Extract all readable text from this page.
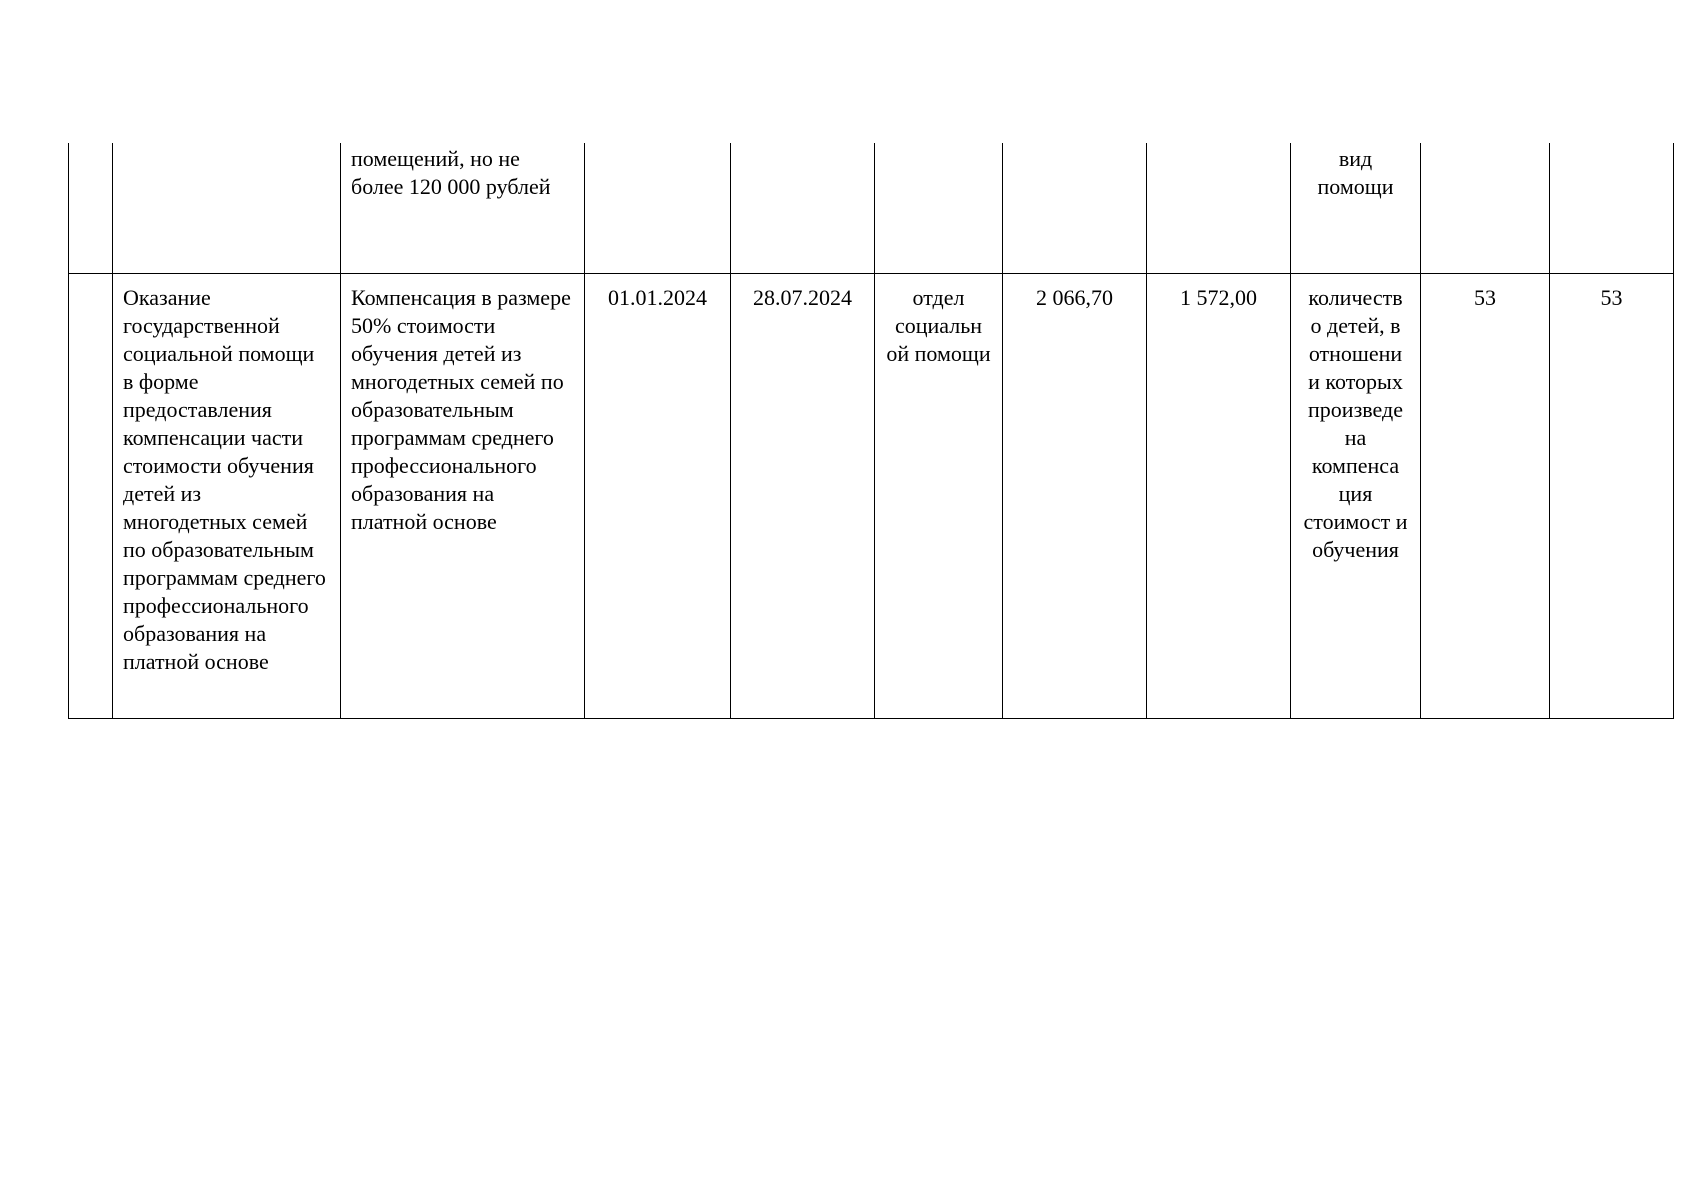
		помещений, но не более 120 000 рублей						вид помощи		
	Оказание государственной социальной помощи в форме предоставления компенсации части стоимости обучения детей из многодетных семей по образовательным программам среднего профессионального образования на платной основе	Компенсация в размере 50% стоимости обучения детей из многодетных семей по образовательным программам среднего профессионального образования на платной основе	01.01.2024	28.07.2024	отдел социальн ой помощи	2 066,70	1 572,00	количеств о детей, в отношени и которых произведе на компенса ция стоимост и обучения	53	53
